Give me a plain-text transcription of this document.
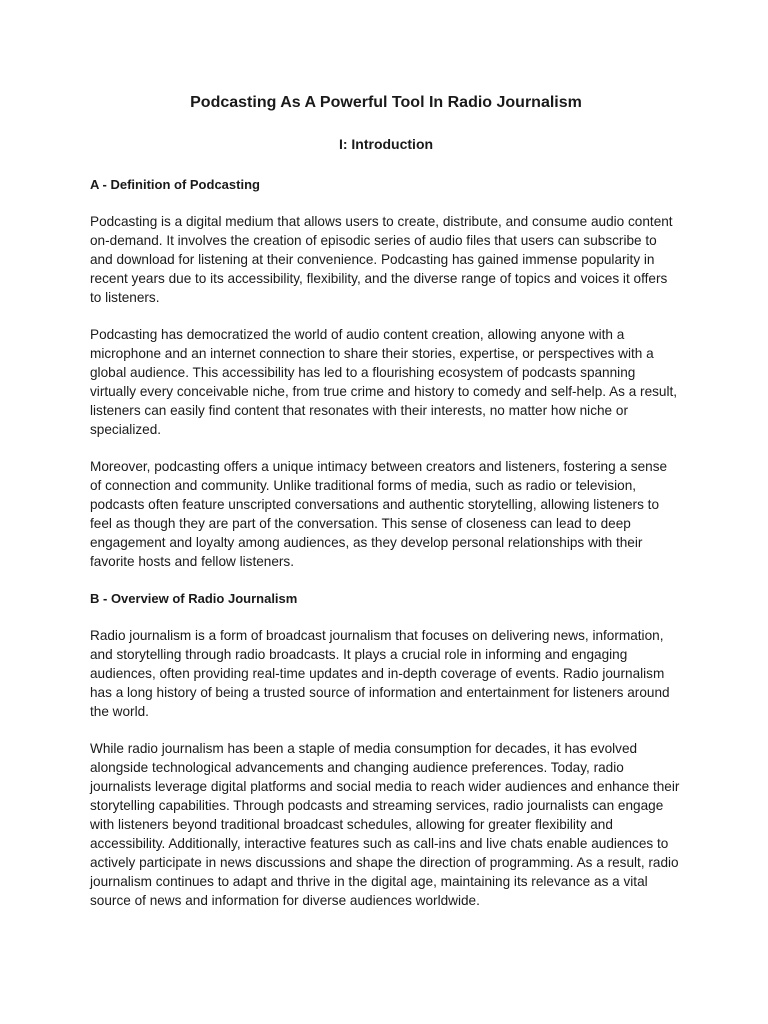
Podcasting As A Powerful Tool In Radio Journalism
I: Introduction
A - Definition of Podcasting

Podcasting is a digital medium that allows users to create, distribute, and consume audio content on-demand. It involves the creation of episodic series of audio files that users can subscribe to and download for listening at their convenience. Podcasting has gained immense popularity in recent years due to its accessibility, flexibility, and the diverse range of topics and voices it offers to listeners.

Podcasting has democratized the world of audio content creation, allowing anyone with a microphone and an internet connection to share their stories, expertise, or perspectives with a global audience. This accessibility has led to a flourishing ecosystem of podcasts spanning virtually every conceivable niche, from true crime and history to comedy and self-help. As a result, listeners can easily find content that resonates with their interests, no matter how niche or specialized.

Moreover, podcasting offers a unique intimacy between creators and listeners, fostering a sense of connection and community. Unlike traditional forms of media, such as radio or television, podcasts often feature unscripted conversations and authentic storytelling, allowing listeners to feel as though they are part of the conversation. This sense of closeness can lead to deep engagement and loyalty among audiences, as they develop personal relationships with their favorite hosts and fellow listeners.

B - Overview of Radio Journalism

Radio journalism is a form of broadcast journalism that focuses on delivering news, information, and storytelling through radio broadcasts. It plays a crucial role in informing and engaging audiences, often providing real-time updates and in-depth coverage of events. Radio journalism has a long history of being a trusted source of information and entertainment for listeners around the world.

While radio journalism has been a staple of media consumption for decades, it has evolved alongside technological advancements and changing audience preferences. Today, radio journalists leverage digital platforms and social media to reach wider audiences and enhance their storytelling capabilities. Through podcasts and streaming services, radio journalists can engage with listeners beyond traditional broadcast schedules, allowing for greater flexibility and accessibility. Additionally, interactive features such as call-ins and live chats enable audiences to actively participate in news discussions and shape the direction of programming. As a result, radio journalism continues to adapt and thrive in the digital age, maintaining its relevance as a vital source of news and information for diverse audiences worldwide.
